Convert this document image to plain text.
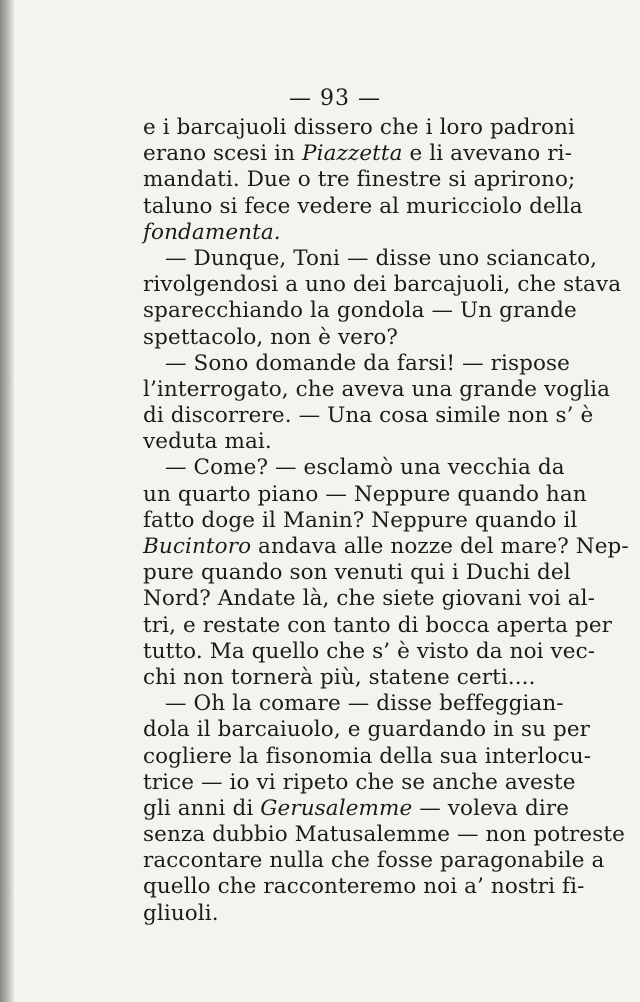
— 93 —
e i barcajuoli dissero che i loro padroni
erano scesi in Piazzetta e li avevano ri-
mandati. Due o tre finestre si aprirono;
taluno si fece vedere al muricciolo della
fondamenta.
— Dunque, Toni — disse uno sciancato,
rivolgendosi a uno dei barcajuoli, che stava
sparecchiando la gondola — Un grande
spettacolo, non è vero?
— Sono domande da farsi! — rispose
l’interrogato, che aveva una grande voglia
di discorrere. — Una cosa simile non s’ è
veduta mai.
— Come? — esclamò una vecchia da
un quarto piano — Neppure quando han
fatto doge il Manin? Neppure quando il
Bucintoro andava alle nozze del mare? Nep-
pure quando son venuti qui i Duchi del
Nord? Andate là, che siete giovani voi al-
tri, e restate con tanto di bocca aperta per
tutto. Ma quello che s’ è visto da noi vec-
chi non tornerà più, statene certi....
— Oh la comare — disse beffeggian-
dola il barcaiuolo, e guardando in su per
cogliere la fisonomia della sua interlocu-
trice — io vi ripeto che se anche aveste
gli anni di Gerusalemme — voleva dire
senza dubbio Matusalemme — non potreste
raccontare nulla che fosse paragonabile a
quello che racconteremo noi a’ nostri fi-
gliuoli.
